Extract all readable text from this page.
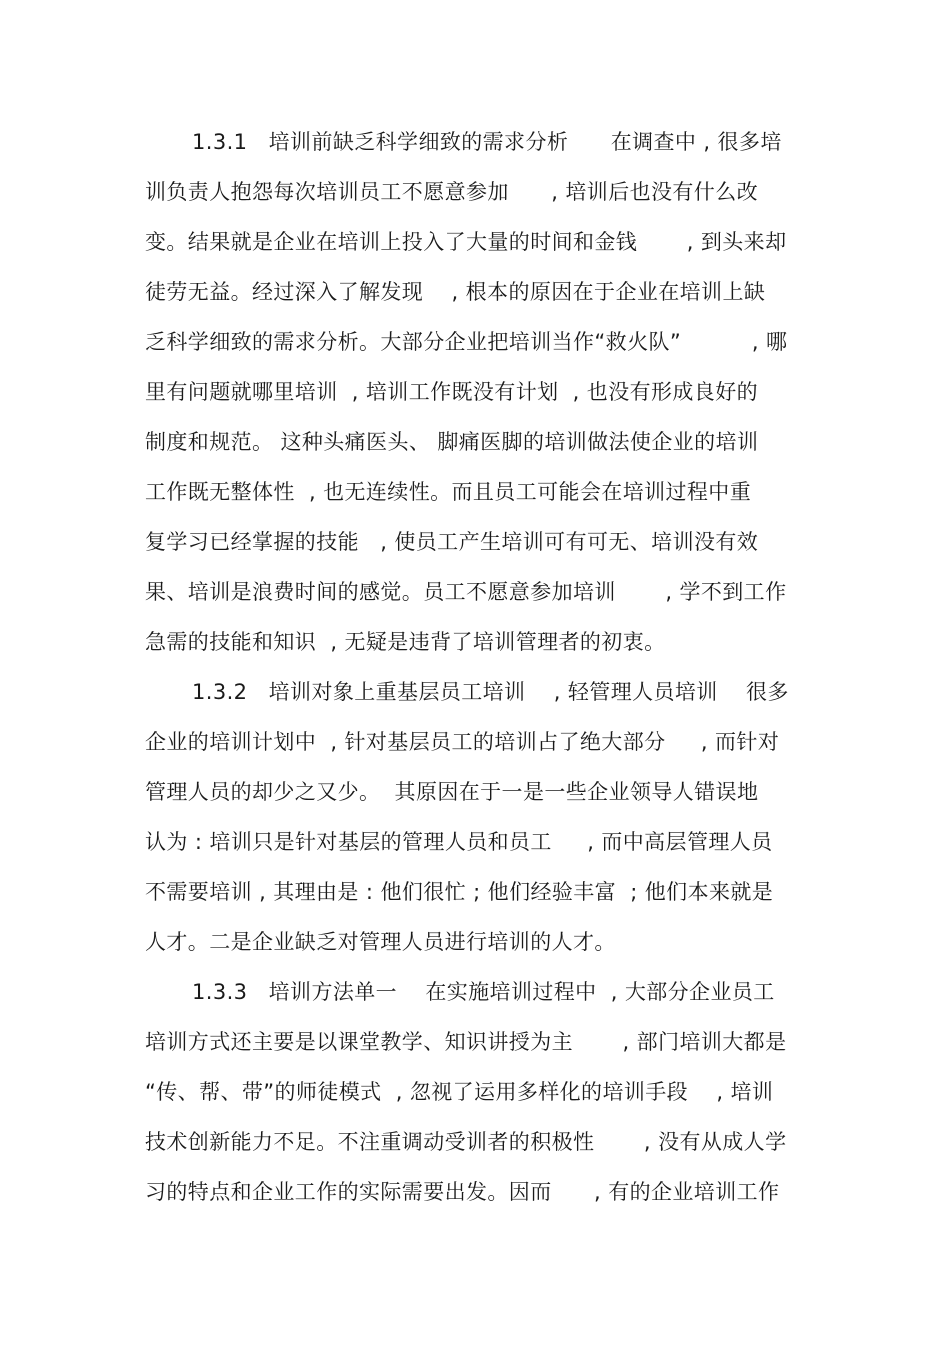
1.3.1   培训前缺乏科学细致的需求分析      在调查中 , 很多培
训负责人抱怨每次培训员工不愿意参加      , 培训后也没有什么改
变。结果就是企业在培训上投入了大量的时间和金钱       , 到头来却
徒劳无益。经过深入了解发现    , 根本的原因在于企业在培训上缺
乏科学细致的需求分析。大部分企业把培训当作“救火队”          , 哪
里有问题就哪里培训  , 培训工作既没有计划  , 也没有形成良好的
制度和规范。 这种头痛医头、 脚痛医脚的培训做法使企业的培训
工作既无整体性  , 也无连续性。而且员工可能会在培训过程中重
复学习已经掌握的技能   , 使员工产生培训可有可无、培训没有效
果、培训是浪费时间的感觉。员工不愿意参加培训       , 学不到工作
急需的技能和知识  , 无疑是违背了培训管理者的初衷。
1.3.2   培训对象上重基层员工培训    , 轻管理人员培训    很多
企业的培训计划中  , 针对基层员工的培训占了绝大部分     , 而针对
管理人员的却少之又少。  其原因在于一是一些企业领导人错误地
认为 : 培训只是针对基层的管理人员和员工     , 而中高层管理人员
不需要培训 , 其理由是 : 他们很忙 ; 他们经验丰富  ; 他们本来就是
人才。二是企业缺乏对管理人员进行培训的人才。
1.3.3   培训方法单一    在实施培训过程中  , 大部分企业员工
培训方式还主要是以课堂教学、知识讲授为主       , 部门培训大都是
“传、帮、带”的师徒模式  , 忽视了运用多样化的培训手段    , 培训
技术创新能力不足。不注重调动受训者的积极性       , 没有从成人学
习的特点和企业工作的实际需要出发。因而      , 有的企业培训工作
